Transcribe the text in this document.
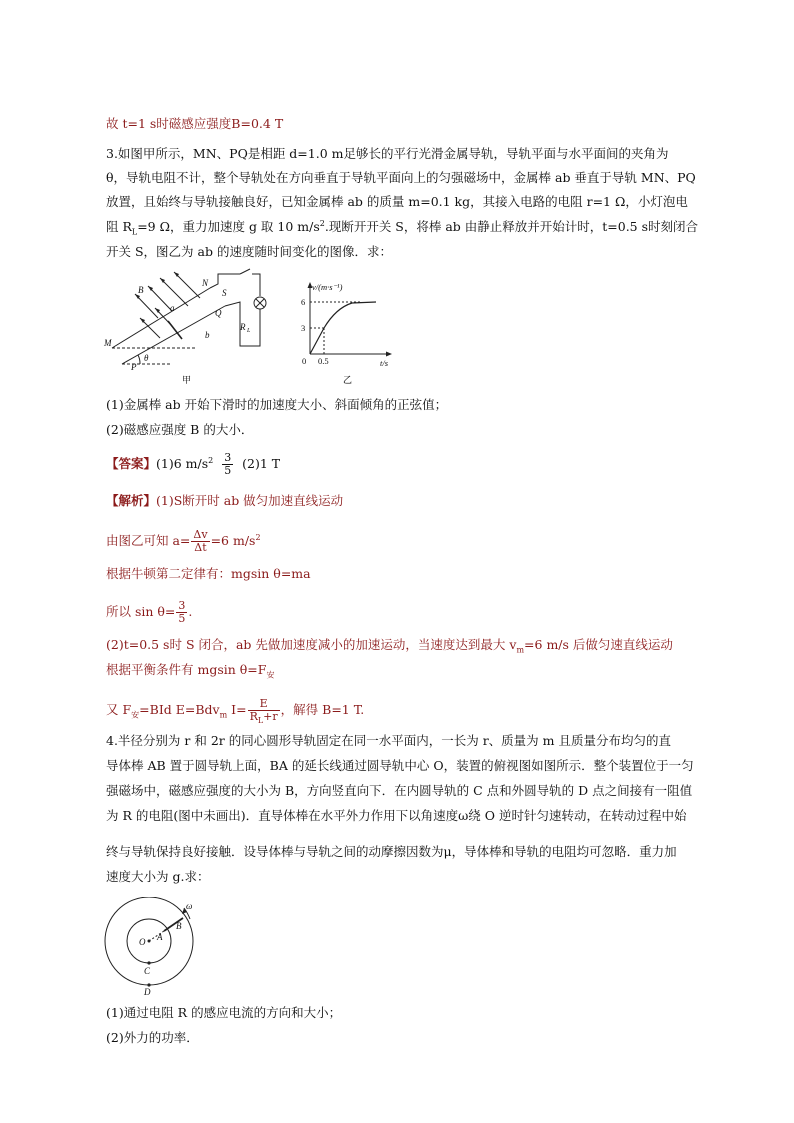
故 t=1 s时磁感应强度B=0.4 T
3.如图甲所示，MN、PQ是相距 d=1.0 m足够长的平行光滑金属导轨，导轨平面与水平面间的夹角为
θ，导轨电阻不计，整个导轨处在方向垂直于导轨平面向上的匀强磁场中，金属棒 ab 垂直于导轨 MN、PQ
放置，且始终与导轨接触良好，已知金属棒 ab 的质量 m=0.1 kg，其接入电路的电阻 r=1 Ω，小灯泡电
阻 $R_L=9$ Ω，重力加速度 g 取 10 $m/s^2$.现断开开关 S，将棒 ab 由静止释放并开始计时，t=0.5 s时刻闭合
开关 S，图乙为 ab 的速度随时间变化的图像．求：
B
N
S
M
a	Q
b
R L
P
θ
甲
v/(m·s⁻¹)
t/s
6
3
0 0.5
乙
(1)金属棒 ab 开始下滑时的加速度大小、斜面倾角的正弦值；
(2)磁感应强度 B 的大小．
【答案】(1)6 $m/s^2 \frac{3}{5} (2)1$ T
【解析】(1)S断开时 ab 做匀加速直线运动
由图乙可知 $a= \frac{\Delta v}{\Delta t} =6$ $m/s^2$
根据牛顿第二定律有：mgsin θ=ma
所以 $\sin \theta= \frac{3}{5}$ .
(2)t=0.5 s时 S 闭合，ab 先做加速度减小的加速运动，当速度达到最大 $v_m=6$ m/s 后做匀速直线运动
根据平衡条件有 mgsin $\theta=F_安$
又 $F_安=BId$ E=Bdv$_m$ $I= \frac{E}{R_L+r}$ ，解得 B=1 T.
4.半径分别为 r 和 2r 的同心圆形导轨固定在同一水平面内，一长为 r、质量为 m 且质量分布均匀的直
导体棒 AB 置于圆导轨上面，BA 的延长线通过圆导轨中心 O，装置的俯视图如图所示．整个装置位于一匀
强磁场中，磁感应强度的大小为 B，方向竖直向下．在内圆导轨的 C 点和外圆导轨的 D 点之间接有一阻值
为 R 的电阻(图中未画出)．直导体棒在水平外力作用下以角速度ω绕 O 逆时针匀速转动，在转动过程中始
终与导轨保持良好接触．设导体棒与导轨之间的动摩擦因数为μ，导体棒和导轨的电阻均可忽略．重力加
速度大小为 g.求：
ω
B
O A
C
D
(1)通过电阻 R 的感应电流的方向和大小；
(2)外力的功率．
